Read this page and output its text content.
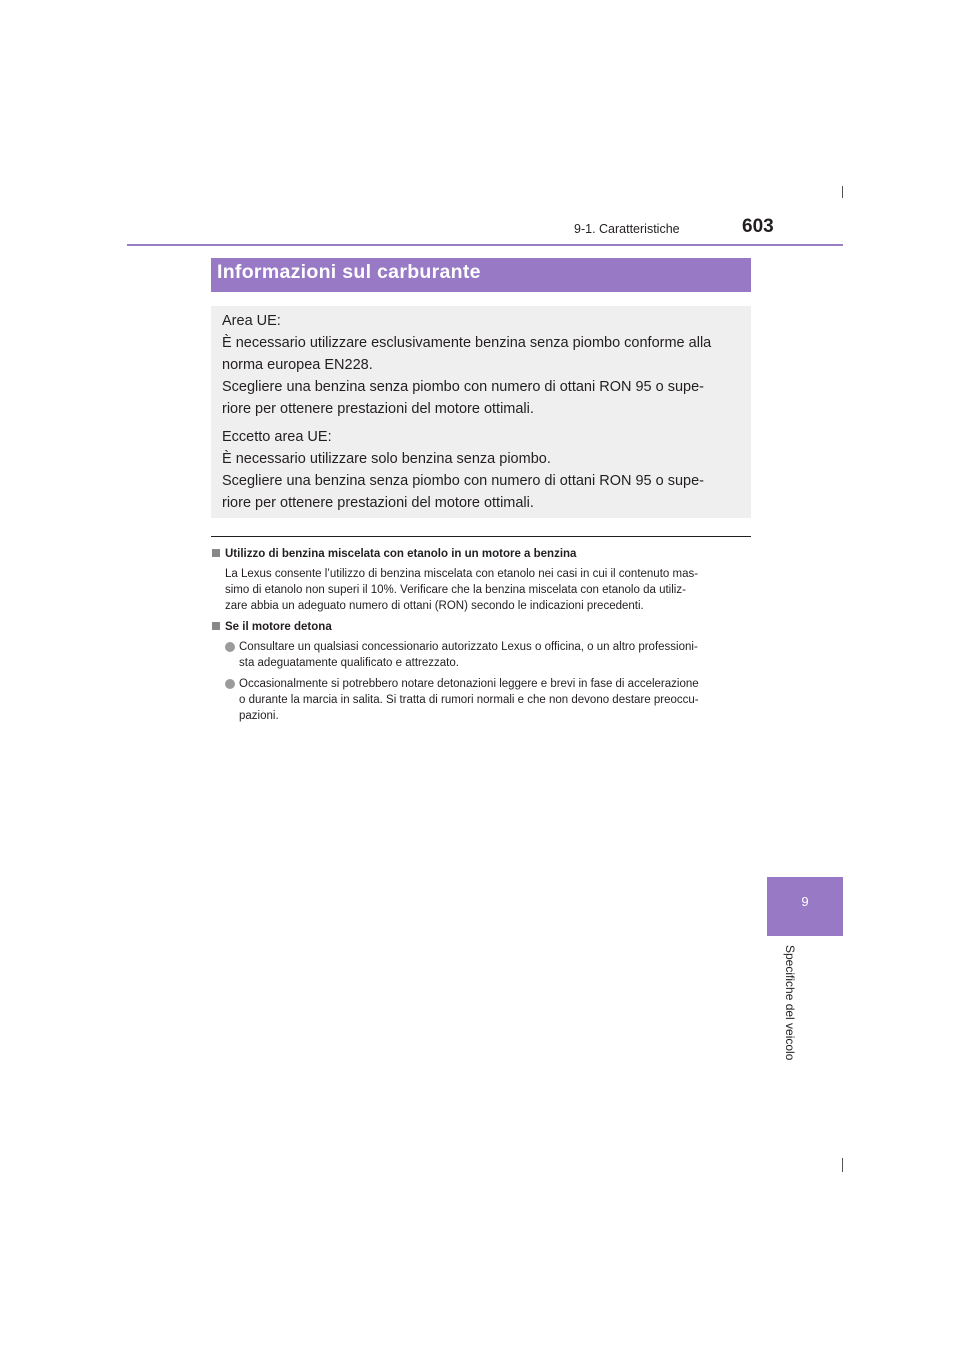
9-1. Caratteristiche	603
Informazioni sul carburante
Area UE:
È necessario utilizzare esclusivamente benzina senza piombo conforme alla
norma europea EN228.
Scegliere una benzina senza piombo con numero di ottani RON 95 o supe-
riore per ottenere prestazioni del motore ottimali.
Eccetto area UE:
È necessario utilizzare solo benzina senza piombo.
Scegliere una benzina senza piombo con numero di ottani RON 95 o supe-
riore per ottenere prestazioni del motore ottimali.
Utilizzo di benzina miscelata con etanolo in un motore a benzina
La Lexus consente l’utilizzo di benzina miscelata con etanolo nei casi in cui il contenuto mas-
simo di etanolo non superi il 10%. Verificare che la benzina miscelata con etanolo da utiliz-
zare abbia un adeguato numero di ottani (RON) secondo le indicazioni precedenti.
Se il motore detona
Consultare un qualsiasi concessionario autorizzato Lexus o officina, o un altro professioni-
sta adeguatamente qualificato e attrezzato.
Occasionalmente si potrebbero notare detonazioni leggere e brevi in fase di accelerazione
o durante la marcia in salita. Si tratta di rumori normali e che non devono destare preoccu-
pazioni.
9
Specifiche del veicolo
